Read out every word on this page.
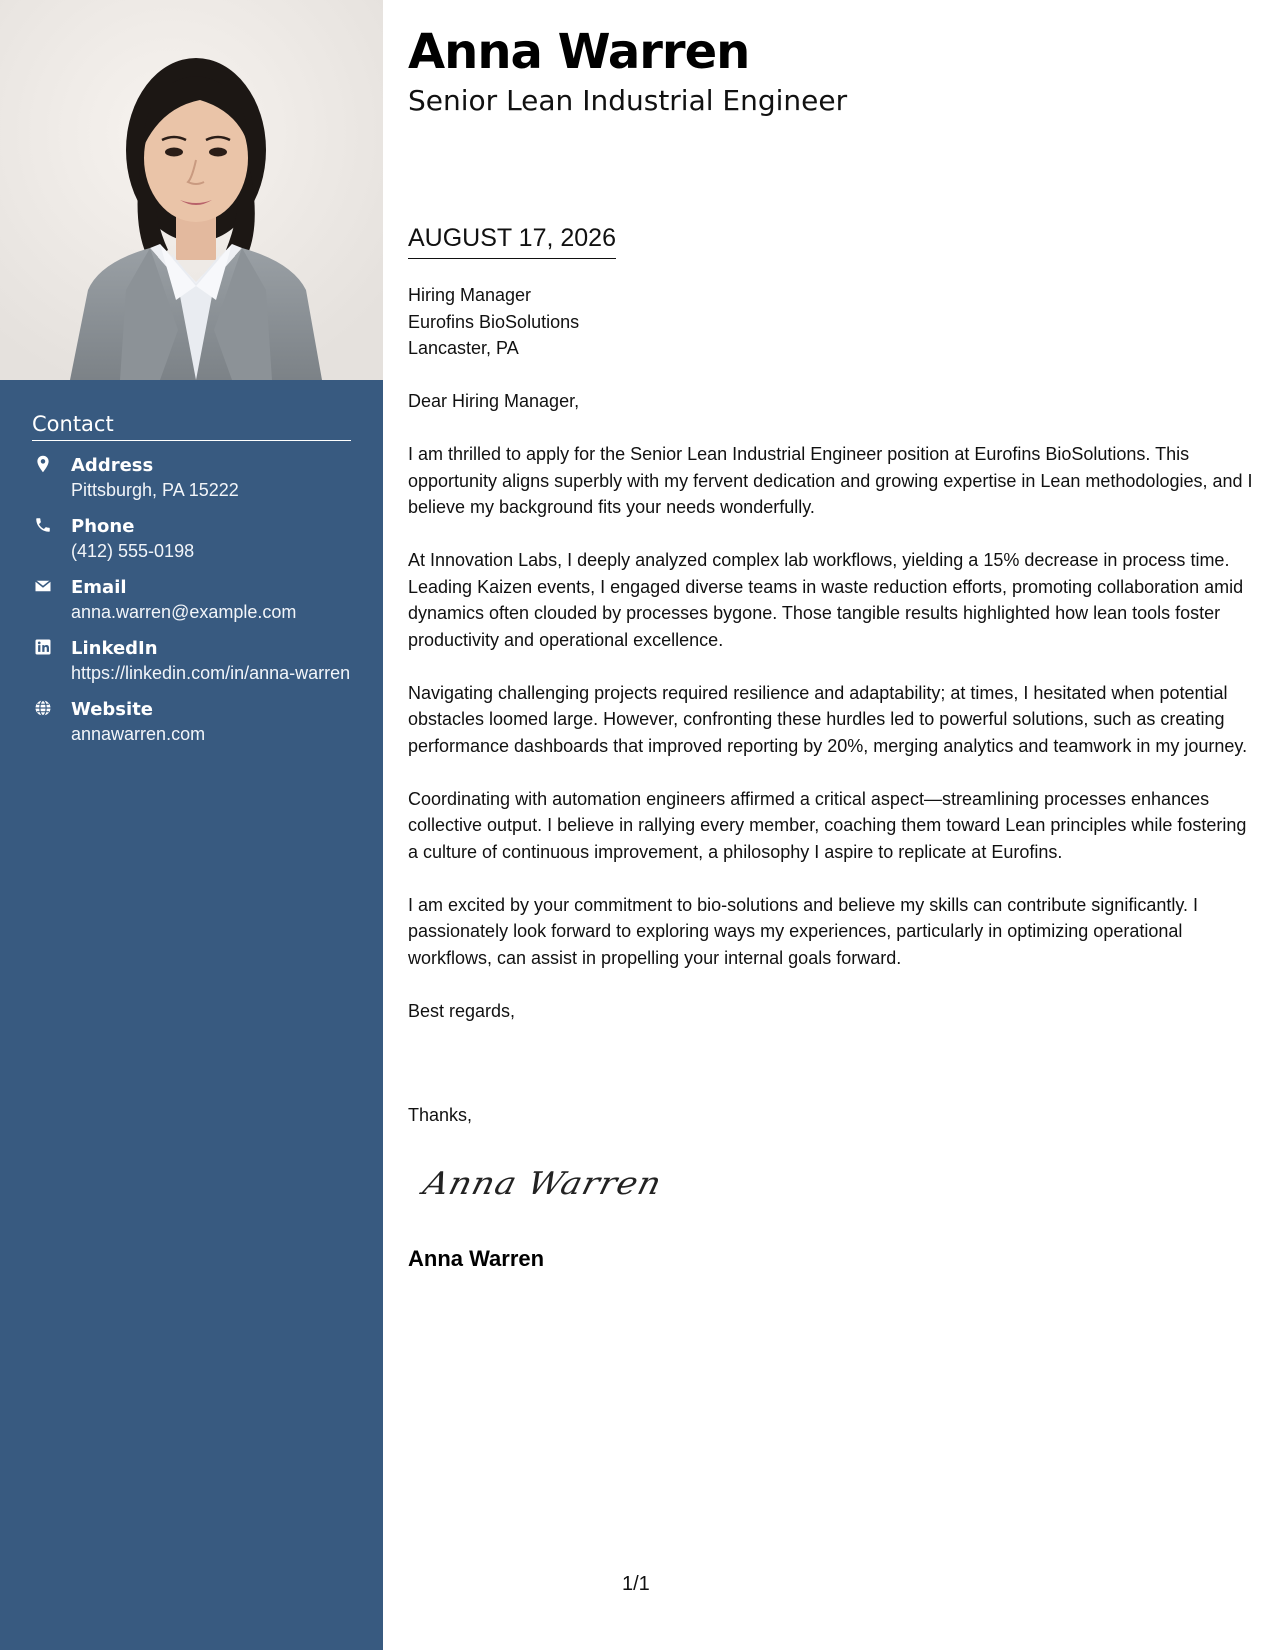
Contact
Address
Pittsburgh, PA 15222
Phone
(412) 555-0198
Email
anna.warren@example.com
LinkedIn
https://linkedin.com/in/anna-warren
Website
annawarren.com
Anna Warren
Senior Lean Industrial Engineer
AUGUST 17, 2026
Hiring Manager
Eurofins BioSolutions
Lancaster, PA

Dear Hiring Manager,

I am thrilled to apply for the Senior Lean Industrial Engineer position at Eurofins BioSolutions. This opportunity aligns superbly with my fervent dedication and growing expertise in Lean methodologies, and I believe my background fits your needs wonderfully.

At Innovation Labs, I deeply analyzed complex lab workflows, yielding a 15% decrease in process time. Leading Kaizen events, I engaged diverse teams in waste reduction efforts, promoting collaboration amid dynamics often clouded by processes bygone. Those tangible results highlighted how lean tools foster productivity and operational excellence.

Navigating challenging projects required resilience and adaptability; at times, I hesitated when potential obstacles loomed large. However, confronting these hurdles led to powerful solutions, such as creating performance dashboards that improved reporting by 20%, merging analytics and teamwork in my journey.

Coordinating with automation engineers affirmed a critical aspect—streamlining processes enhances collective output. I believe in rallying every member, coaching them toward Lean principles while fostering a culture of continuous improvement, a philosophy I aspire to replicate at Eurofins.

I am excited by your commitment to bio-solutions and believe my skills can contribute significantly. I passionately look forward to exploring ways my experiences, particularly in optimizing operational workflows, can assist in propelling your internal goals forward.

Best regards,

Thanks,
Anna Warren
Anna Warren
1/1
